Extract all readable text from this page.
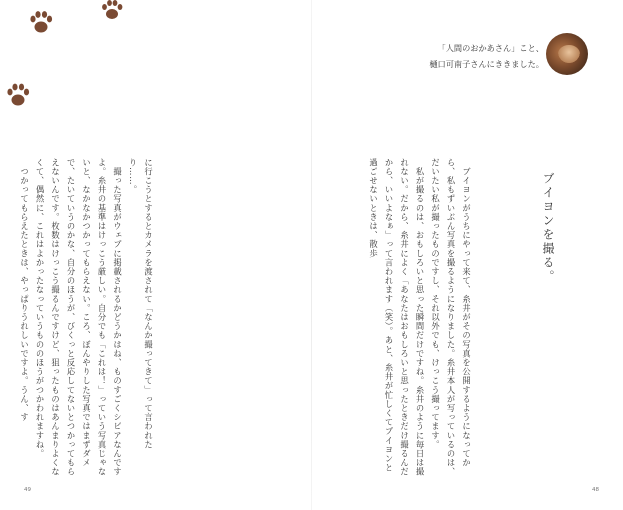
「人間のおかあさん」こと、
樋口可南子さんにききました。
ブイヨンを撮る。

　ブイヨンがうちにやって来て、糸井がその写真を公開するようになってから、私もずいぶん写真を撮るようになりました。糸井本人が写っているのは、だいたい私が撮ったものですし、それ以外でも、けっこう撮ってます。

　私が撮るのは、おもしろいと思った瞬間だけですね。糸井のように毎日は撮れない。だから、糸井によく「あなたはおもしろいと思ったときだけ撮るんだから、いいよなぁ」って言われます（笑）。あと、糸井が忙しくてブイヨンと過ごせないときは、散歩

に行こうとするとカメラを渡されて「なんか撮ってきて」って言われたり……。

　撮った写真がウェブに掲載されるかどうかはね、ものすごくシビアなんですよ。糸井の基準はけっこう厳しい。自分でも「これは！」っていう写真じゃないと、なかなかつかってもらえない。ころ、ぼんやりした写真ではまずダメで、たいていうのかな、自分のほうが、びくっと反応してないとつかってもらえないんです。枚数はけっこう撮るんですけど、狙ったものはあんまりよくなくて、偶然に、これはよかったなっていうもののほうがつかわれますね。

　つかってもらえたときは、やっぱりうれしいですよ。うん、す

49	48
